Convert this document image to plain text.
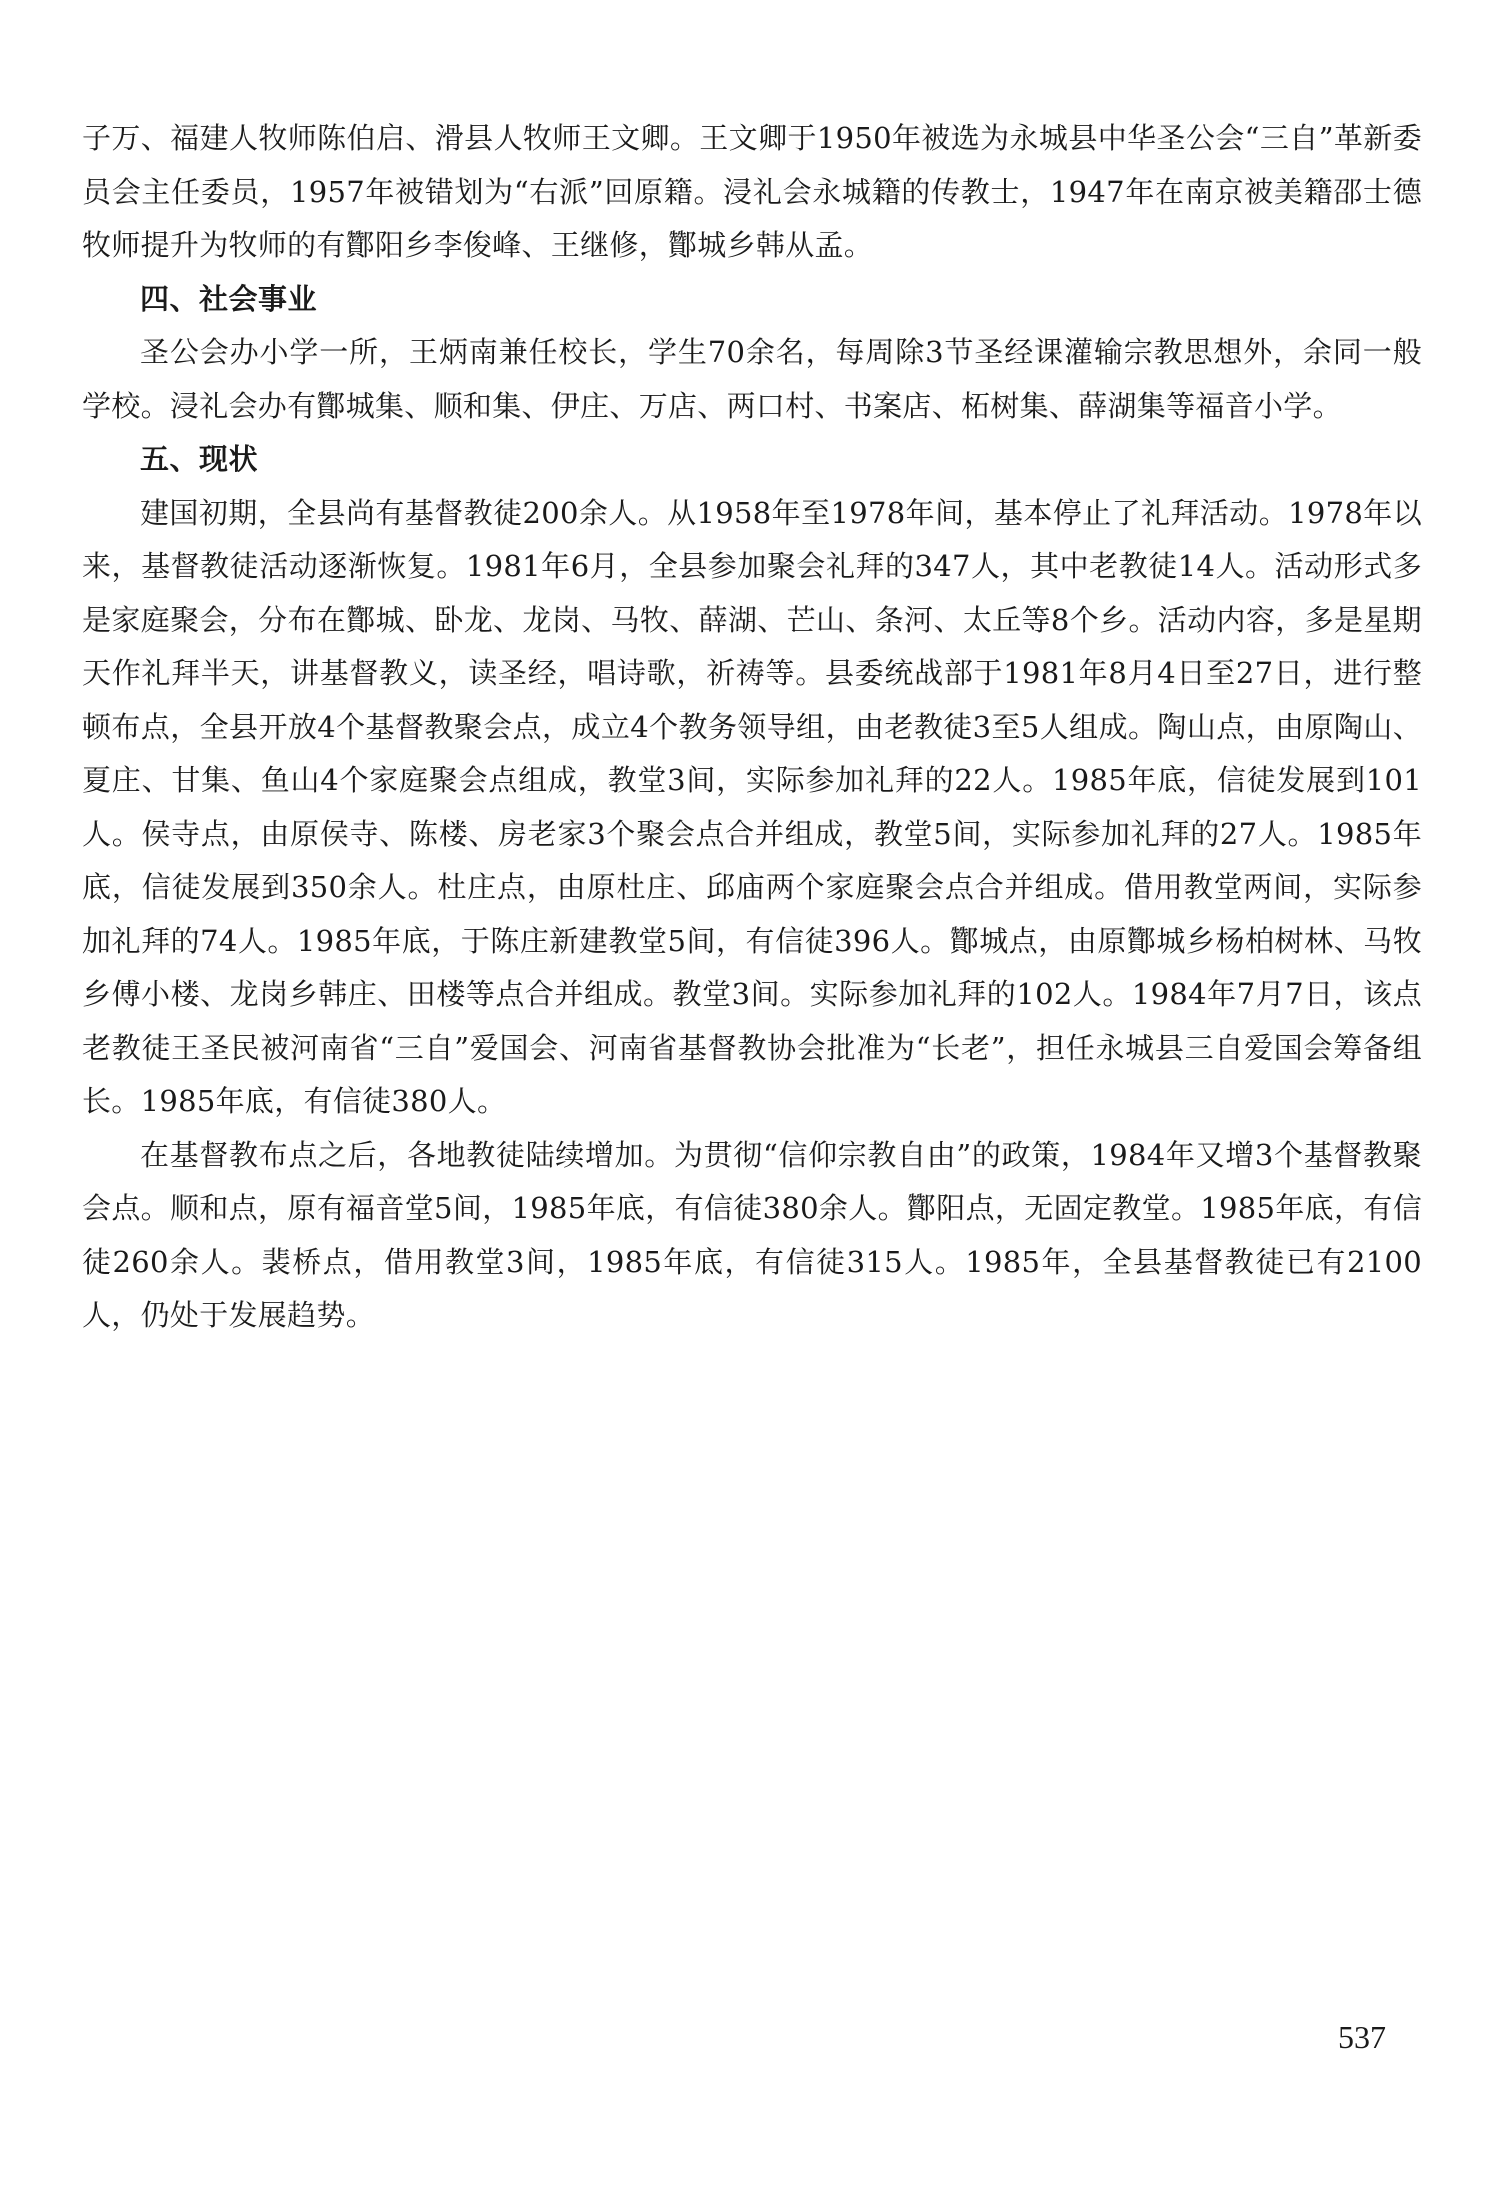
子万、福建人牧师陈伯启、滑县人牧师王文卿。王文卿于1950年被选为永城县中华圣公会“三自”革新委员会主任委员，1957年被错划为“右派”回原籍。浸礼会永城籍的传教士，1947年在南京被美籍邵士德牧师提升为牧师的有酇阳乡李俊峰、王继修，酇城乡韩从孟。

四、社会事业

圣公会办小学一所，王炳南兼任校长，学生70余名，每周除3节圣经课灌输宗教思想外，余同一般学校。浸礼会办有酇城集、顺和集、伊庄、万店、两口村、书案店、柘树集、薛湖集等福音小学。

五、现状

建国初期，全县尚有基督教徒200余人。从1958年至1978年间，基本停止了礼拜活动。1978年以来，基督教徒活动逐渐恢复。1981年6月，全县参加聚会礼拜的347人，其中老教徒14人。活动形式多是家庭聚会，分布在酇城、卧龙、龙岗、马牧、薛湖、芒山、条河、太丘等8个乡。活动内容，多是星期天作礼拜半天，讲基督教义，读圣经，唱诗歌，祈祷等。县委统战部于1981年8月4日至27日，进行整顿布点，全县开放4个基督教聚会点，成立4个教务领导组，由老教徒3至5人组成。陶山点，由原陶山、夏庄、甘集、鱼山4个家庭聚会点组成，教堂3间，实际参加礼拜的22人。1985年底，信徒发展到101人。侯寺点，由原侯寺、陈楼、房老家3个聚会点合并组成，教堂5间，实际参加礼拜的27人。1985年底，信徒发展到350余人。杜庄点，由原杜庄、邱庙两个家庭聚会点合并组成。借用教堂两间，实际参加礼拜的74人。1985年底，于陈庄新建教堂5间，有信徒396人。酇城点，由原酇城乡杨柏树林、马牧乡傅小楼、龙岗乡韩庄、田楼等点合并组成。教堂3间。实际参加礼拜的102人。1984年7月7日，该点老教徒王圣民被河南省“三自”爱国会、河南省基督教协会批准为“长老”，担任永城县三自爱国会筹备组长。1985年底，有信徒380人。

在基督教布点之后，各地教徒陆续增加。为贯彻“信仰宗教自由”的政策，1984年又增3个基督教聚会点。顺和点，原有福音堂5间，1985年底，有信徒380余人。酇阳点，无固定教堂。1985年底，有信徒260余人。裴桥点，借用教堂3间，1985年底，有信徒315人。1985年，全县基督教徒已有2100人，仍处于发展趋势。

537
